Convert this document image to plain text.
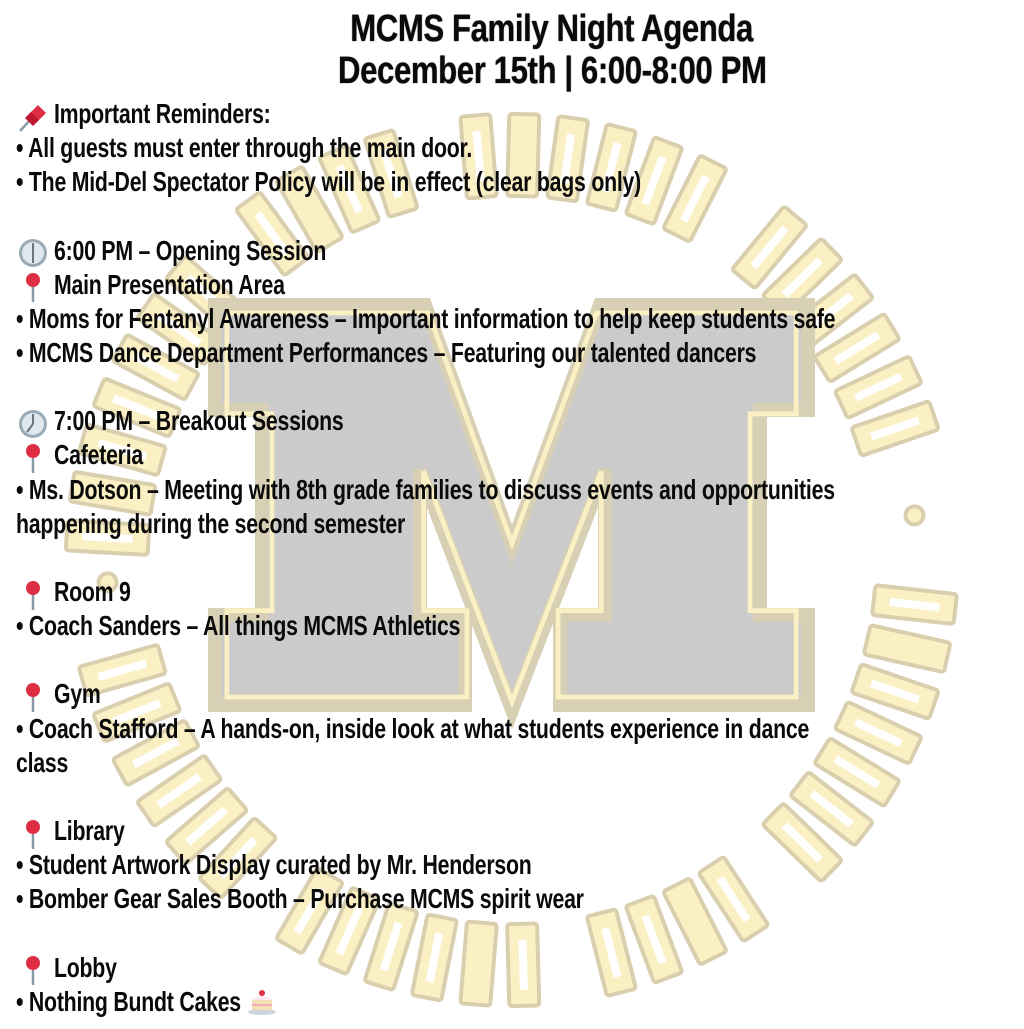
MCMS Family Night Agenda
December 15th | 6:00-8:00 PM
Important Reminders:
• All guests must enter through the main door.
• The Mid-Del Spectator Policy will be in effect (clear bags only)
6:00 PM – Opening Session
Main Presentation Area
• Moms for Fentanyl Awareness – Important information to help keep students safe
• MCMS Dance Department Performances – Featuring our talented dancers
7:00 PM – Breakout Sessions
Cafeteria
• Ms. Dotson – Meeting with 8th grade families to discuss events and opportunities
happening during the second semester
Room 9
• Coach Sanders – All things MCMS Athletics
Gym
• Coach Stafford – A hands-on, inside look at what students experience in dance
class
Library
• Student Artwork Display curated by Mr. Henderson
• Bomber Gear Sales Booth – Purchase MCMS spirit wear
Lobby
• Nothing Bundt Cakes
